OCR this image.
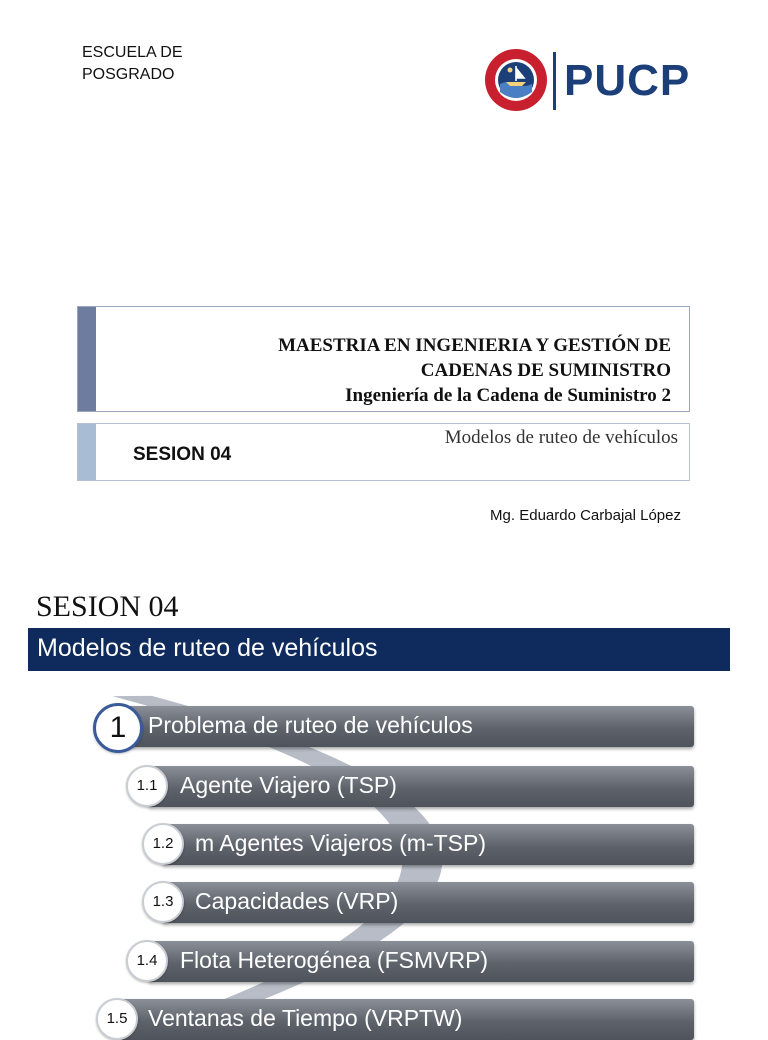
ESCUELA DE
POSGRADO	PUCP
MAESTRIA EN INGENIERIA Y GESTIÓN DE
CADENAS DE SUMINISTRO
Ingeniería de la Cadena de Suministro 2
SESION 04
Modelos de ruteo de vehículos
Mg. Eduardo Carbajal López
SESION 04
Modelos de ruteo de vehículos
Problema de ruteo de vehículos
1
Agente Viajero (TSP)
1.1
m Agentes Viajeros (m-TSP)
1.2
Capacidades (VRP)
1.3
Flota Heterogénea (FSMVRP)
1.4
Ventanas de Tiempo (VRPTW)
1.5
